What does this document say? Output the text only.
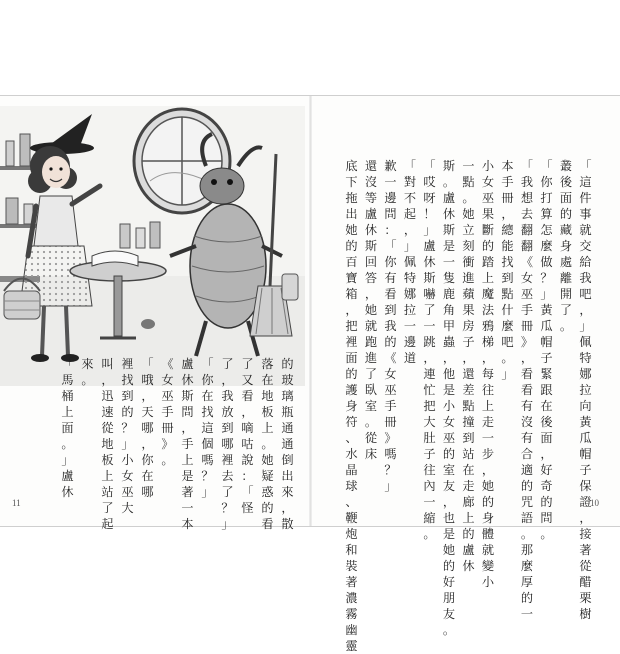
11	10
「
這
件
事
就
交
給
我
吧
，
」
佩
特
娜
拉
向
黃
瓜
帽
子
保
證
，
接
著
從
醋
栗
樹
叢
後
面
的
藏
身
處
離
開
了
。
「
你
打
算
怎
麼
做
？
」
黃
瓜
帽
子
緊
跟
在
後
面
，
好
奇
的
問
。
「
我
想
去
翻
翻
《
女
巫
手
冊
》
，
看
看
有
沒
有
合
適
的
咒
語
。
那
麼
厚
的
一
本
手
冊
，
總
能
找
到
點
什
麼
吧
。
」
小
女
巫
果
斷
的
踏
上
魔
法
鴉
梯
，
每
往
上
走
一
步
，
她
的
身
體
就
變
小
一
點
。
她
立
刻
衝
進
蘋
果
房
子
，
還
差
點
撞
到
站
在
走
廊
上
的
盧
休
斯
。
盧
休
斯
是
一
隻
鹿
角
甲
蟲
，
他
是
小
女
巫
的
室
友
，
也
是
她
的
好
朋
友
。
「
哎
呀
！
」
盧
休
斯
嚇
了
一
跳
，
連
忙
把
大
肚
子
往
內
一
縮
。
「
對
不
起
，
」
佩
特
娜
拉
一
邊
道
歉
一
邊
問
：
「
你
有
看
到
我
的
《
女
巫
手
冊
》
嗎
？
」
還
沒
等
盧
休
斯
回
答
，
她
就
跑
進
了
臥
室
。
從
床
底
下
拖
出
她
的
百
寶
箱
，
把
裡
面
的
護
身
符
、
水
晶
球
、
鞭
炮
和
裝
著
濃
霧
幽
靈
的
玻
璃
瓶
通
通
倒
出
來
，
散
落
在
地
板
上
。
她
疑
惑
的
看
了
又
看
，
嘀
咕
說
：
「
怪
了
，
我
放
到
哪
裡
去
了
？
」
「
你
在
找
這
個
嗎
？
」
盧
休
斯
問
，
手
上
是
著
一
本
《
女
巫
手
冊
》
。
「
哦
，
天
哪
，
你
在
哪
裡
找
到
的
？
」
小
女
巫
大
叫
，
迅
速
從
地
板
上
站
了
起
來
。
「
馬
桶
上
面
。
」
盧
休
